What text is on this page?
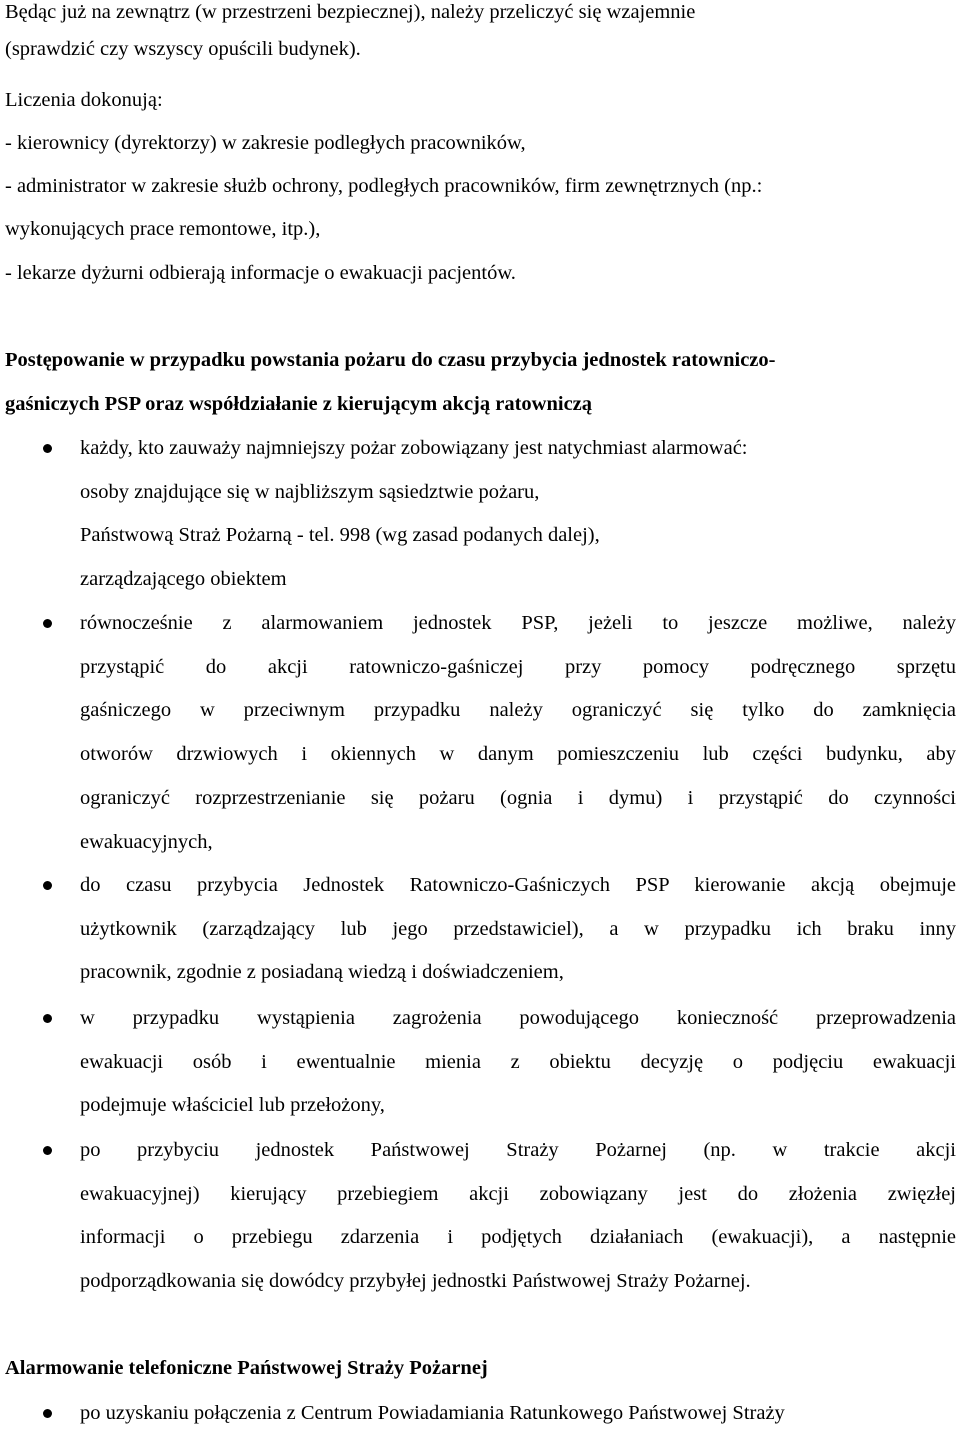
Będąc już na zewnątrz (w przestrzeni bezpiecznej), należy przeliczyć się wzajemnie
(sprawdzić czy wszyscy opuścili budynek).
Liczenia dokonują:
- kierownicy (dyrektorzy) w zakresie podległych pracowników,
- administrator w zakresie służb ochrony, podległych pracowników, firm zewnętrznych (np.:
wykonujących prace remontowe, itp.),
- lekarze dyżurni odbierają informacje o ewakuacji pacjentów.
Postępowanie w przypadku powstania pożaru do czasu przybycia jednostek ratowniczo-
gaśniczych PSP oraz współdziałanie z kierującym akcją ratowniczą
każdy, kto zauważy najmniejszy pożar zobowiązany jest natychmiast alarmować:
osoby znajdujące się w najbliższym sąsiedztwie pożaru,
Państwową Straż Pożarną - tel. 998 (wg zasad podanych dalej),
zarządzającego obiektem
równocześnie z alarmowaniem jednostek PSP, jeżeli to jeszcze możliwe, należy
przystąpić do akcji ratowniczo-gaśniczej przy pomocy podręcznego sprzętu
gaśniczego w przeciwnym przypadku należy ograniczyć się tylko do zamknięcia
otworów drzwiowych i okiennych w danym pomieszczeniu lub części budynku, aby
ograniczyć rozprzestrzenianie się pożaru (ognia i dymu) i przystąpić do czynności
ewakuacyjnych,
do czasu przybycia Jednostek Ratowniczo-Gaśniczych PSP kierowanie akcją obejmuje
użytkownik (zarządzający lub jego przedstawiciel), a w przypadku ich braku inny
pracownik, zgodnie z posiadaną wiedzą i doświadczeniem,
w przypadku wystąpienia zagrożenia powodującego konieczność przeprowadzenia
ewakuacji osób i ewentualnie mienia z obiektu decyzję o podjęciu ewakuacji
podejmuje właściciel lub przełożony,
po przybyciu jednostek Państwowej Straży Pożarnej (np. w trakcie akcji
ewakuacyjnej) kierujący przebiegiem akcji zobowiązany jest do złożenia zwięzłej
informacji o przebiegu zdarzenia i podjętych działaniach (ewakuacji), a następnie
podporządkowania się dowódcy przybyłej jednostki Państwowej Straży Pożarnej.
Alarmowanie telefoniczne Państwowej Straży Pożarnej
po uzyskaniu połączenia z Centrum Powiadamiania Ratunkowego Państwowej Straży
